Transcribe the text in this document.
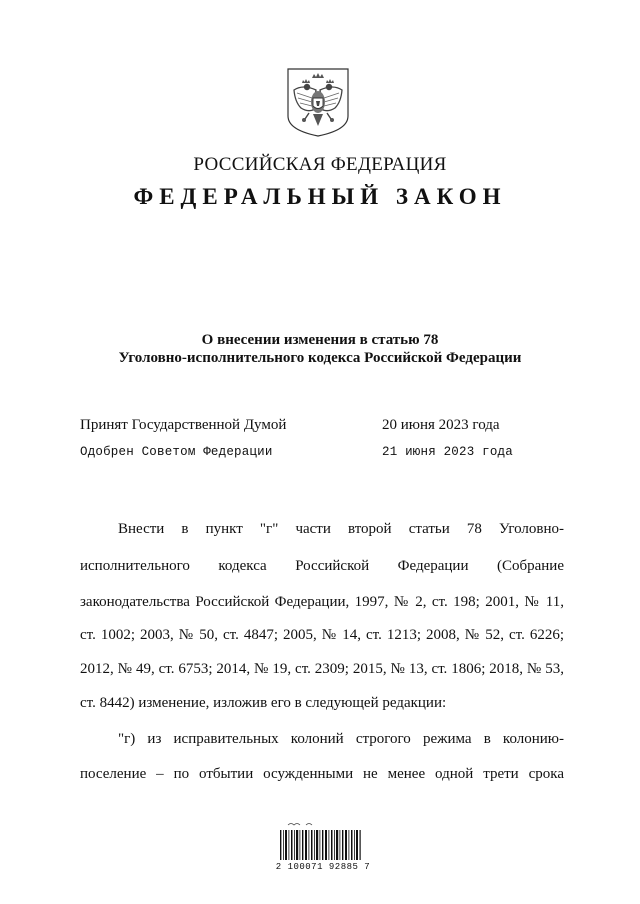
РОССИЙСКАЯ ФЕДЕРАЦИЯ
ФЕДЕРАЛЬНЫЙ ЗАКОН
О внесении изменения в статью 78
Уголовно-исполнительного кодекса Российской Федерации
Принят Государственной Думой	20 июня 2023 года
Одобрен Советом Федерации	21 июня 2023 года
Внести в пункт "г" части второй статьи 78 Уголовно-
исполнительного кодекса Российской Федерации (Собрание
законодательства Российской Федерации, 1997, № 2, ст. 198; 2001, № 11,
ст. 1002; 2003, № 50, ст. 4847; 2005, № 14, ст. 1213; 2008, № 52, ст. 6226;
2012, № 49, ст. 6753; 2014, № 19, ст. 2309; 2015, № 13, ст. 1806; 2018, № 53,
ст. 8442) изменение, изложив его в следующей редакции:
"г) из исправительных колоний строгого режима в колонию-
поселение – по отбытии осужденными не менее одной трети срока
2 100071 92885 7
